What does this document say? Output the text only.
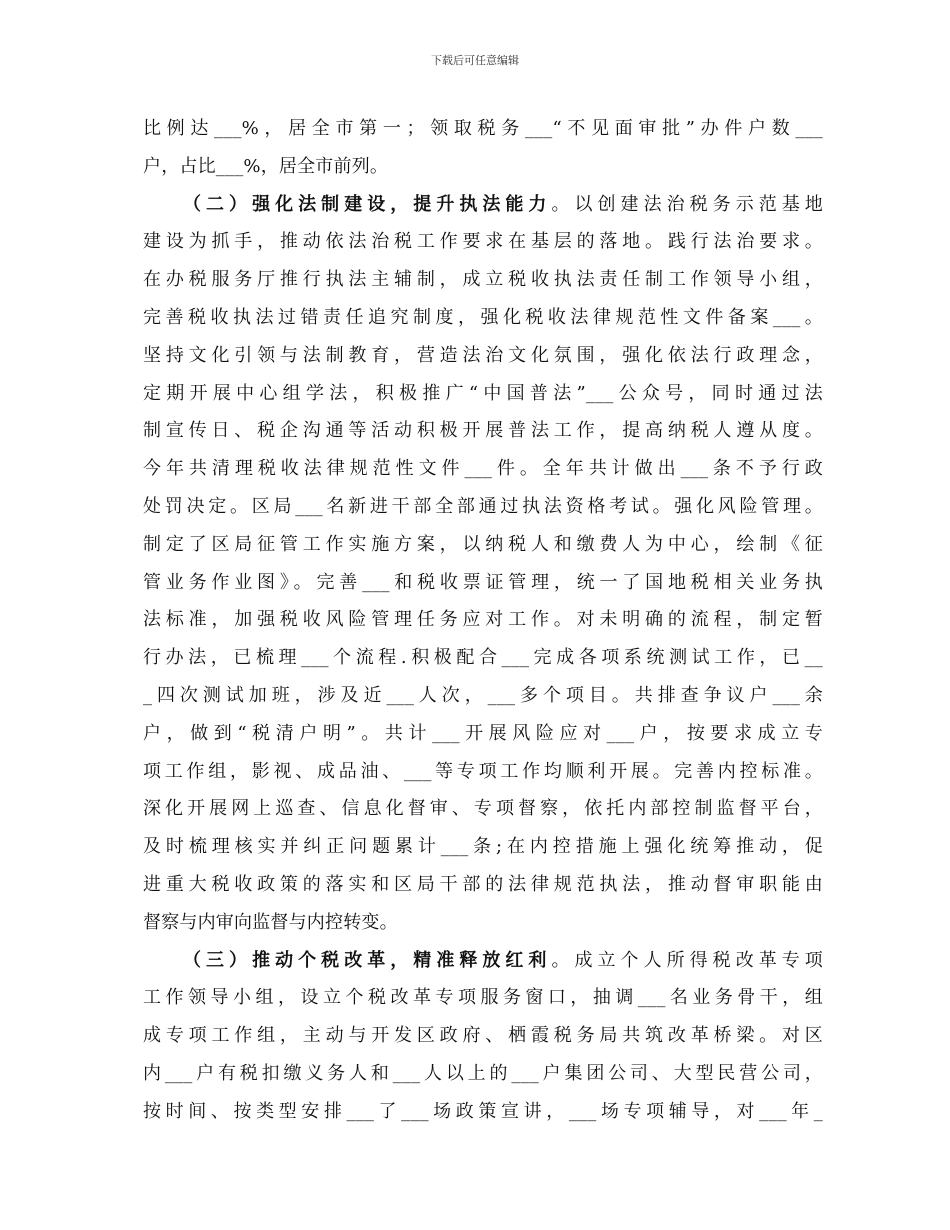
下载后可任意编辑
比例达___%，居全市第一；领取税务___“不见面审批”办件户数___
户，占比___%，居全市前列。
（二）强化法制建设，提升执法能力。以创建法治税务示范基地
建设为抓手，推动依法治税工作要求在基层的落地。践行法治要求。
在办税服务厅推行执法主辅制，成立税收执法责任制工作领导小组，
完善税收执法过错责任追究制度，强化税收法律规范性文件备案___。
坚持文化引领与法制教育，营造法治文化氛围，强化依法行政理念，
定期开展中心组学法，积极推广“中国普法”___公众号，同时通过法
制宣传日、税企沟通等活动积极开展普法工作，提高纳税人遵从度。
今年共清理税收法律规范性文件___件。全年共计做出___条不予行政
处罚决定。区局___名新进干部全部通过执法资格考试。强化风险管理。
制定了区局征管工作实施方案，以纳税人和缴费人为中心，绘制《征
管业务作业图》。完善___和税收票证管理，统一了国地税相关业务执
法标准，加强税收风险管理任务应对工作。对未明确的流程，制定暂
行办法，已梳理___个流程.积极配合___完成各项系统测试工作，已__
_四次测试加班，涉及近___人次，___多个项目。共排查争议户___余
户，做到“税清户明”。共计___开展风险应对___户，按要求成立专
项工作组，影视、成品油、___等专项工作均顺利开展。完善内控标准。
深化开展网上巡查、信息化督审、专项督察，依托内部控制监督平台，
及时梳理核实并纠正问题累计___条;在内控措施上强化统筹推动，促
进重大税收政策的落实和区局干部的法律规范执法，推动督审职能由
督察与内审向监督与内控转变。
（三）推动个税改革，精准释放红利。成立个人所得税改革专项
工作领导小组，设立个税改革专项服务窗口，抽调___名业务骨干，组
成专项工作组，主动与开发区政府、栖霞税务局共筑改革桥梁。对区
内___户有税扣缴义务人和___人以上的___户集团公司、大型民营公司，
按时间、按类型安排___了___场政策宣讲，___场专项辅导，对___年_
